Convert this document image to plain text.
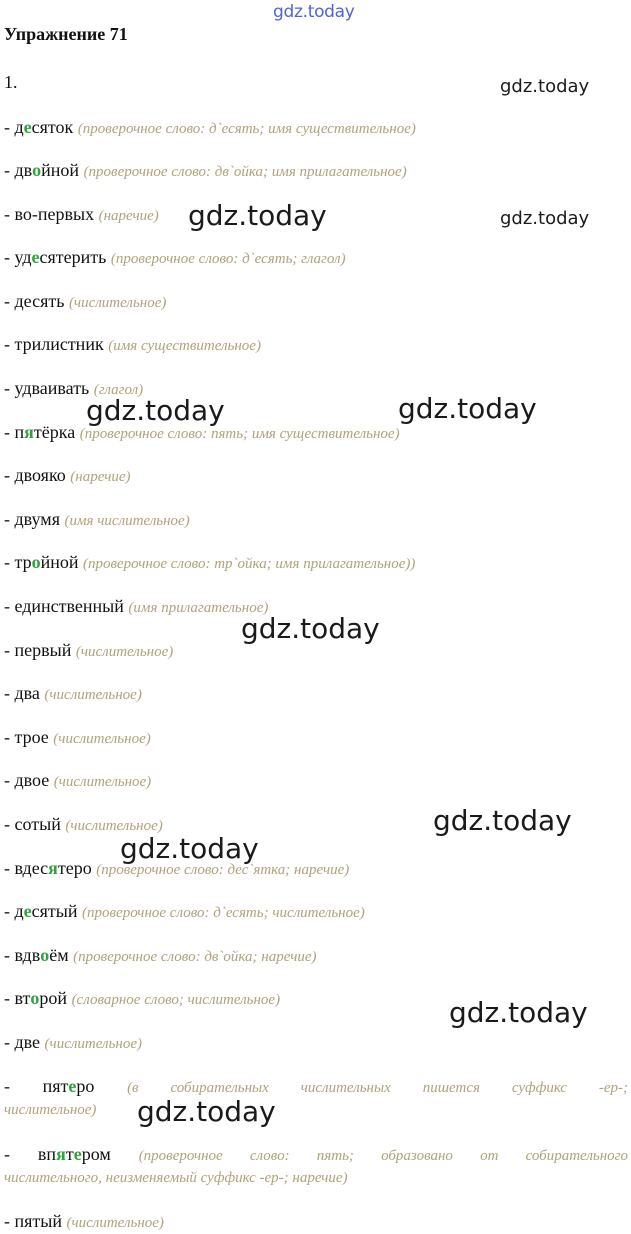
gdz.today
Упражнение 71
1.
- десяток (проверочное слово: д`есять; имя существительное)
- двойной (проверочное слово: дв`ойка; имя прилагательное)
- во-первых (наречие)
- удесятерить (проверочное слово: д`есять; глагол)
- десять (числительное)
- трилистник (имя существительное)
- удваивать (глагол)
- пятёрка (проверочное слово: пять; имя существительное)
- двояко (наречие)
- двумя (имя числительное)
- тройной (проверочное слово: тр`ойка; имя прилагательное))
- единственный (имя прилагательное)
- первый (числительное)
- два (числительное)
- трое (числительное)
- двое (числительное)
- сотый (числительное)
- вдесятеро (проверочное слово: дес`ятка; наречие)
- десятый (проверочное слово: д`есять; числительное)
- вдвоём (проверочное слово: дв`ойка; наречие)
- второй (словарное слово; числительное)
- две (числительное)
- пятеро (в собирательных числительных пишется суффикс -ер-;
числительное)
- впятером (проверочное слово: пять; образовано от собирательного
числительного, неизменяемый суффикс -ер-; наречие)
- пятый (числительное)
gdz.today
gdz.today	gdz.today
gdz.today	gdz.today
gdz.today
gdz.today
gdz.today
gdz.today
gdz.today
